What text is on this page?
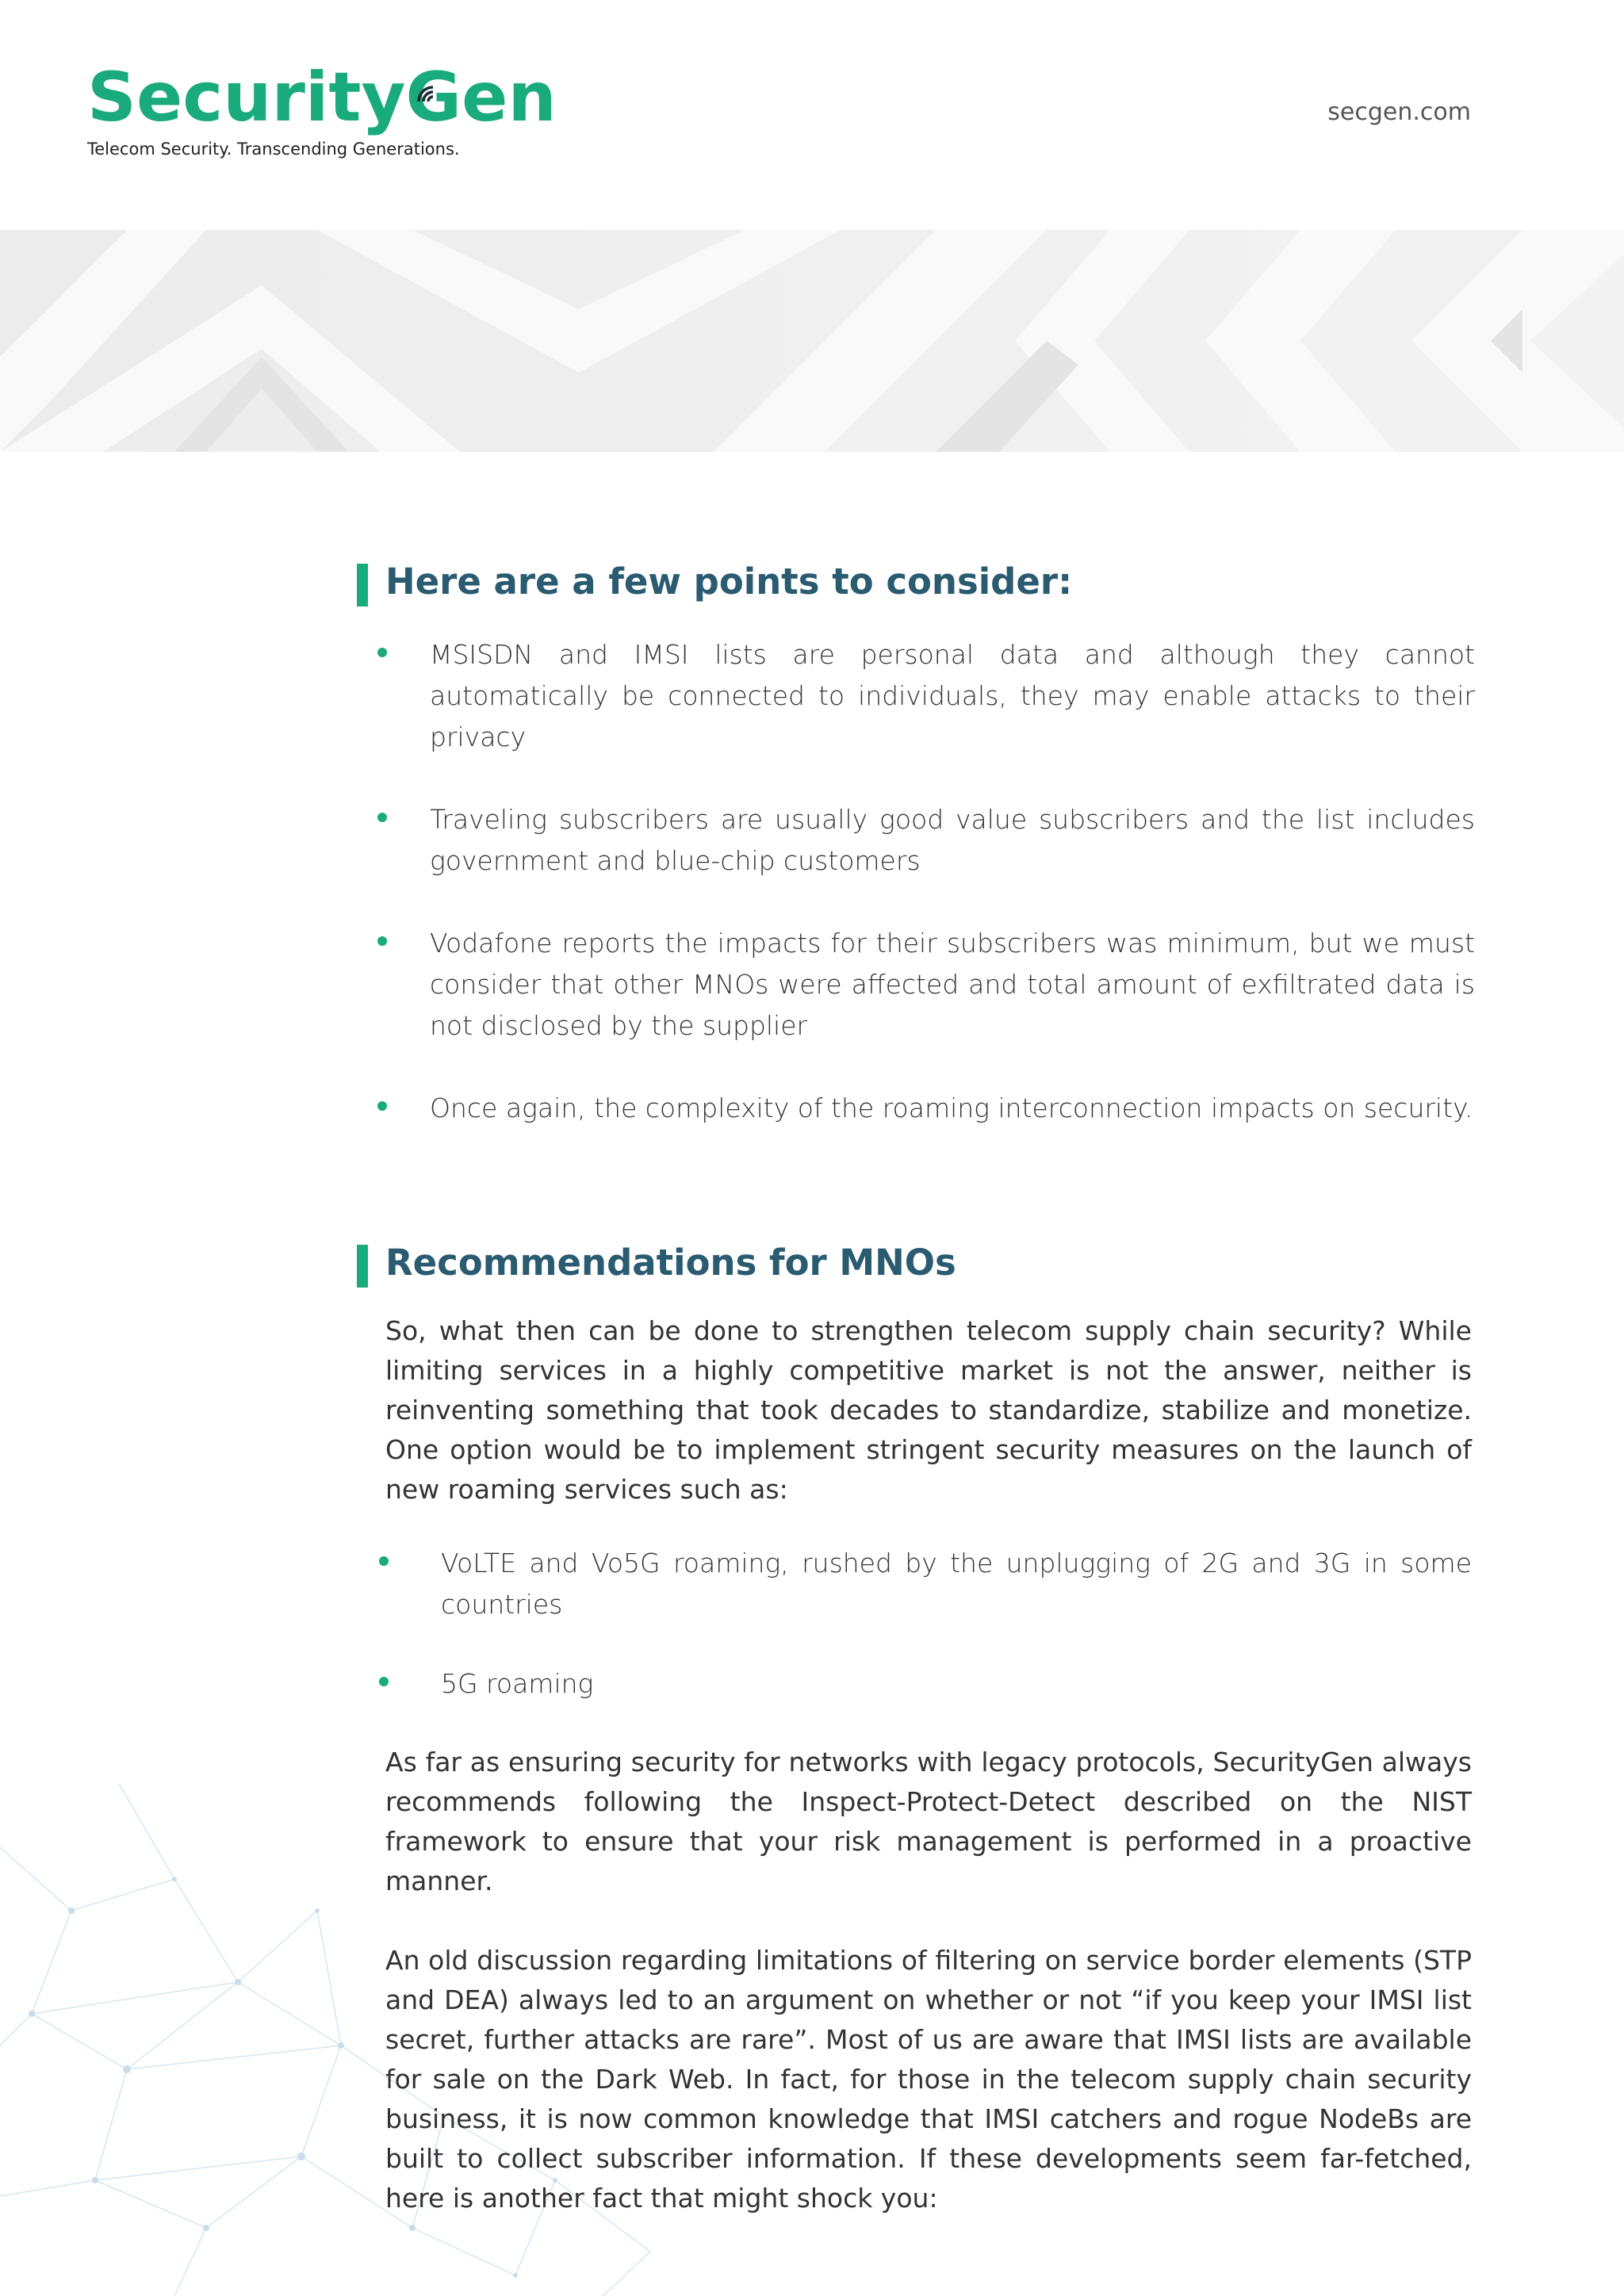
SecurityG
en
Telecom Security. Transcending Generations.
secgen.com
Here are a few points to consider:
MSISDN and IMSI lists are personal data and although they cannot automatically be connected to individuals, they may enable attacks to their privacy
Traveling subscribers are usually good value subscribers and the list includes government and blue-chip customers
Vodafone reports the impacts for their subscribers was minimum, but we must consider that other MNOs were affected and total amount of exfiltrated data is not disclosed by the supplier
Once again, the complexity of the roaming interconnection impacts on security.
Recommendations for MNOs

So, what then can be done to strengthen telecom supply chain security? While limiting services in a highly competitive market is not the answer, neither is reinventing something that took decades to standardize, stabilize and monetize. One option would be to implement stringent security measures on the launch of new roaming services such as:

VoLTE and Vo5G roaming, rushed by the unplugging of 2G and 3G in some countries
5G roaming

As far as ensuring security for networks with legacy protocols, SecurityGen always recommends following the Inspect-Protect-Detect described on the NIST framework to ensure that your risk management is performed in a proactive manner.

An old discussion regarding limitations of filtering on service border elements (STP and DEA) always led to an argument on whether or not “if you keep your IMSI list secret, further attacks are rare”. Most of us are aware that IMSI lists are available for sale on the Dark Web. In fact, for those in the telecom supply chain security business, it is now common knowledge that IMSI catchers and rogue NodeBs are built to collect subscriber information. If these developments seem far-fetched, here is another fact that might shock you:
